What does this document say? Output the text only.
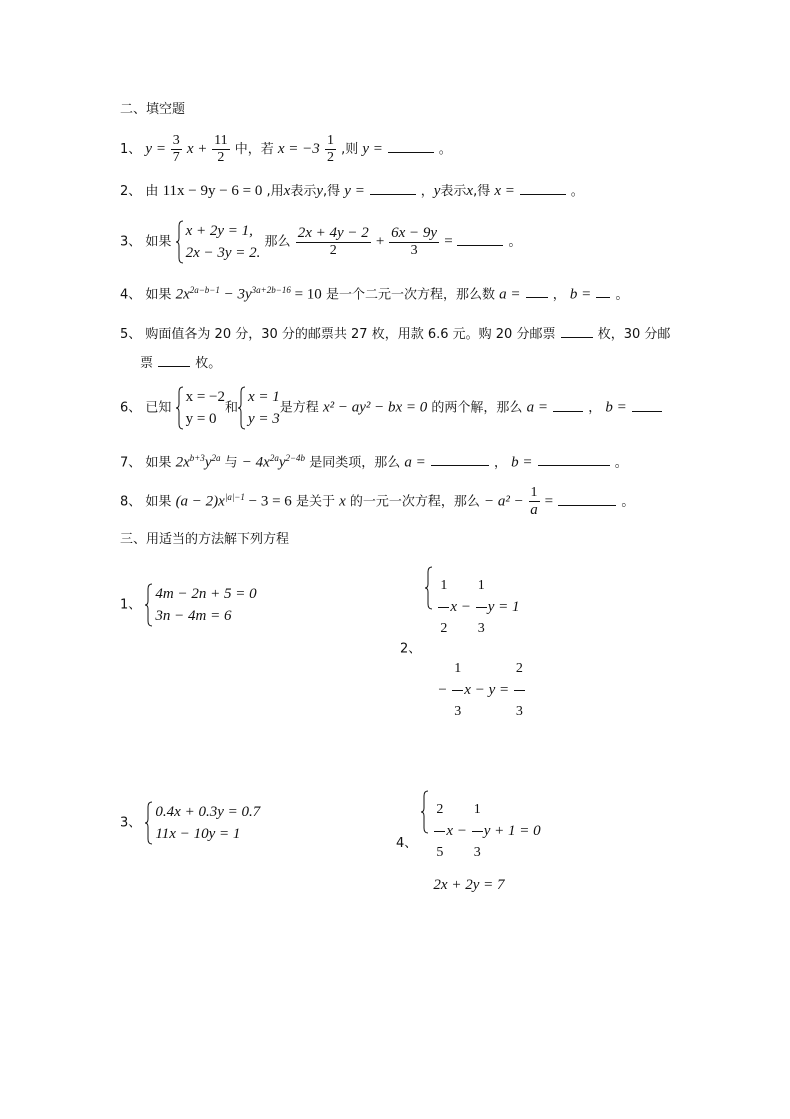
二、填空题
1、 $y = \frac{3}{7}$ $x + \frac{11}{2}$ 中，若 $x = -3 \frac{1}{2}$ ,则 y =	。
2、 由 11x − 9y − 6 = 0 ,用x表示y,得 y =	，y表示x,得 x =	。
3、 如果
x + 2y = 1,
2x − 3y = 2.
那么 $\frac{2x + 4y - 2}{2} + \frac{6x - 9y}{3}$ =	。
4、 如果 $2x^{2a-b-1} - 3y^{3a+2b-16} = 10$ 是一个二元一次方程，那么数 a = ， b = 。
5、 购面值各为 20 分，30 分的邮票共 27 枚，用款 6.6 元。购 20 分邮票	枚，30 分邮
票	枚。
6、 已知
x = −2
y = 0
和
x = 1
y = 3
是方程 x² − ay² − bx = 0 的两个解，那么 a =	， b =
7、 如果 $2x^{b+3}y^{2a}$ 与 − $4x^{2a}y^{2-4b}$ 是同类项，那么 a =	， b =	。
8、 如果 $(a - 2)x^{|a|-1} - 3 = 6$ 是关于 x 的一元一次方程，那么 − $a^2 - \frac{1}{a}$ =	。
三、用适当的方法解下列方程
1、
4m − 2n + 5 = 0
3n − 4m = 6
2、 $\frac{1}{2}$ $x - \frac{1}{3}$ y = 1
− $\frac{1}{3}$ $x - y = \frac{2}{3}$
3、
0.4x + 0.3y = 0.7
11x − 10y = 1
4、 $\frac{2}{5}$ $x - \frac{1}{3}$ y + 1 = 0
2x + 2y = 7
